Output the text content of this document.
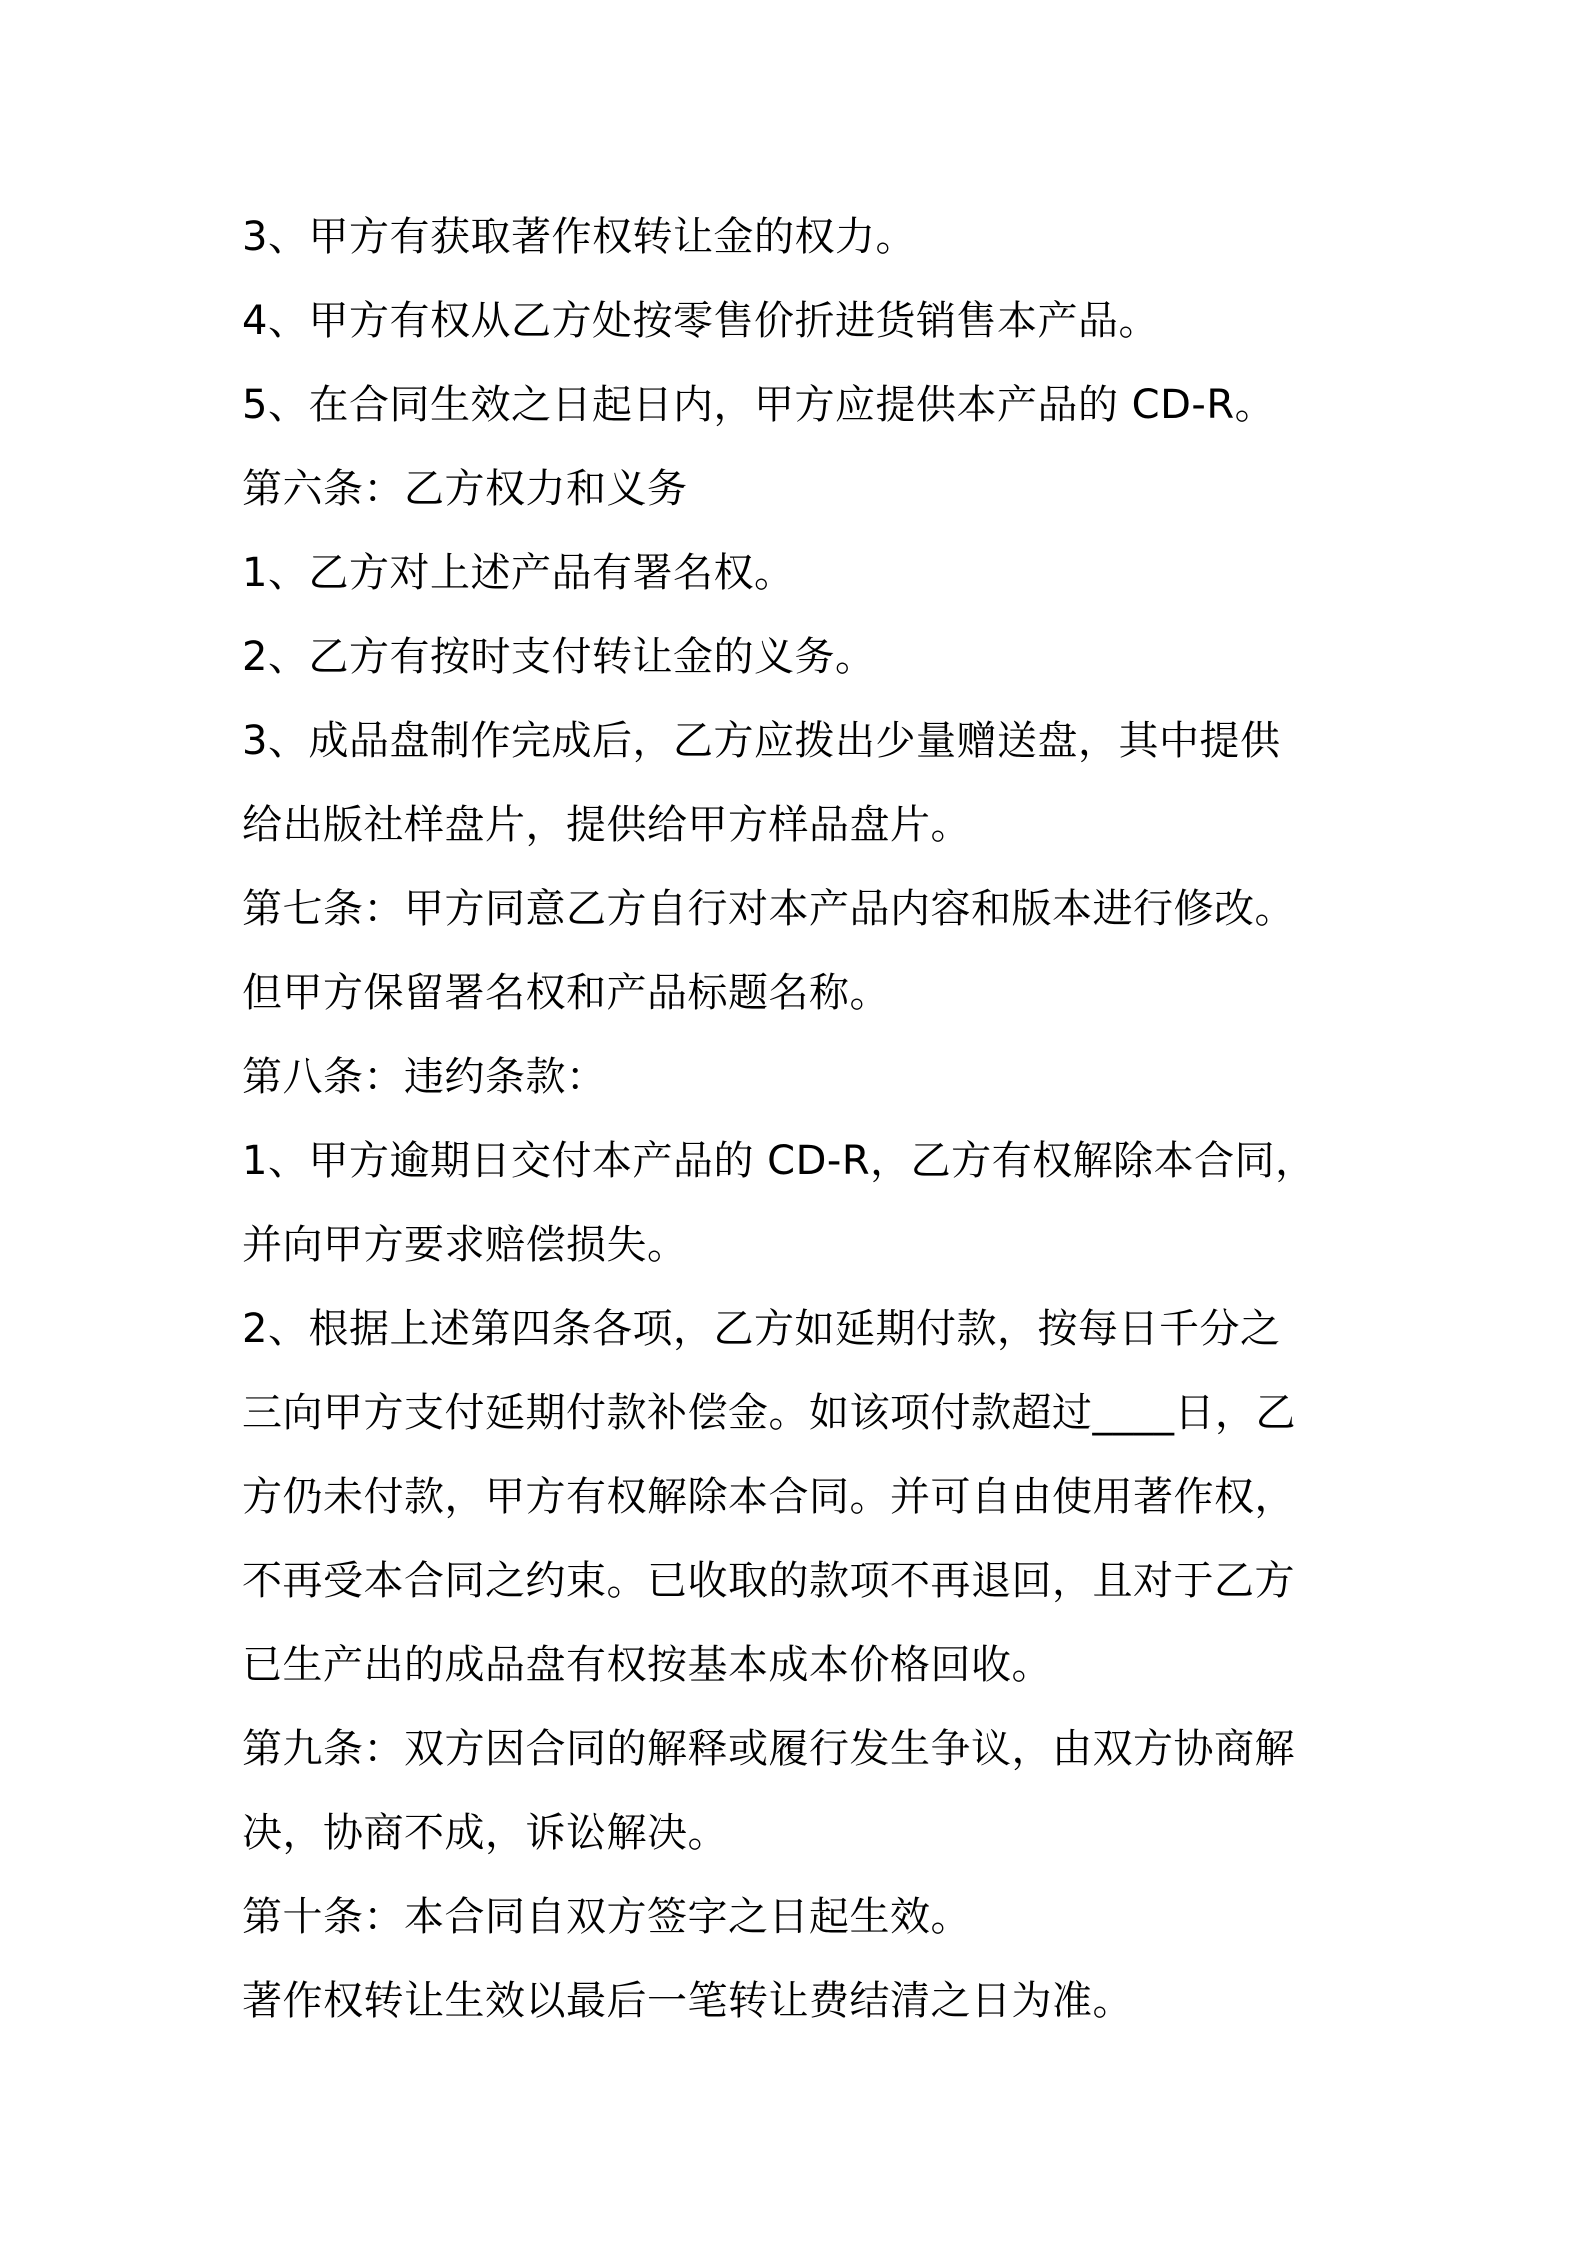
3、甲方有获取著作权转让金的权力。
4、甲方有权从乙方处按零售价折进货销售本产品。
5、在合同生效之日起日内，甲方应提供本产品的 CD-R。
第六条：乙方权力和义务
1、乙方对上述产品有署名权。
2、乙方有按时支付转让金的义务。
3、成品盘制作完成后，乙方应拨出少量赠送盘，其中提供
给出版社样盘片，提供给甲方样品盘片。
第七条：甲方同意乙方自行对本产品内容和版本进行修改。
但甲方保留署名权和产品标题名称。
第八条：违约条款：
1、甲方逾期日交付本产品的 CD-R，乙方有权解除本合同，
并向甲方要求赔偿损失。
2、根据上述第四条各项，乙方如延期付款，按每日千分之
三向甲方支付延期付款补偿金。如该项付款超过____日，乙
方仍未付款，甲方有权解除本合同。并可自由使用著作权，
不再受本合同之约束。已收取的款项不再退回，且对于乙方
已生产出的成品盘有权按基本成本价格回收。
第九条：双方因合同的解释或履行发生争议，由双方协商解
决，协商不成，诉讼解决。
第十条：本合同自双方签字之日起生效。
著作权转让生效以最后一笔转让费结清之日为准。
